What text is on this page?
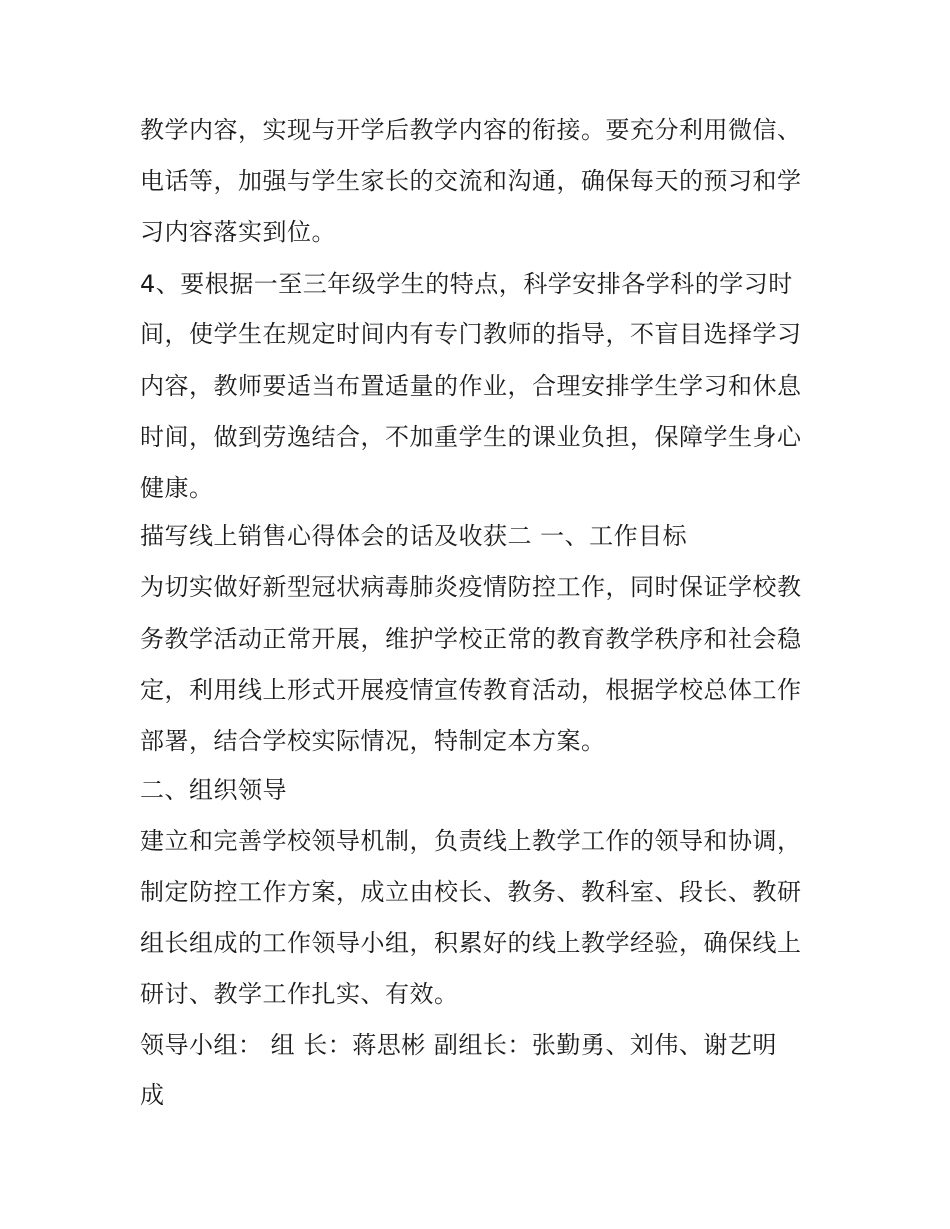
教学内容，实现与开学后教学内容的衔接。要充分利用微信、
电话等，加强与学生家长的交流和沟通，确保每天的预习和学
习内容落实到位。
4、要根据一至三年级学生的特点，科学安排各学科的学习时
间，使学生在规定时间内有专门教师的指导，不盲目选择学习
内容，教师要适当布置适量的作业，合理安排学生学习和休息
时间，做到劳逸结合，不加重学生的课业负担，保障学生身心
健康。
描写线上销售心得体会的话及收获二 一、工作目标
为切实做好新型冠状病毒肺炎疫情防控工作，同时保证学校教
务教学活动正常开展，维护学校正常的教育教学秩序和社会稳
定，利用线上形式开展疫情宣传教育活动，根据学校总体工作
部署，结合学校实际情况，特制定本方案。
二、组织领导
建立和完善学校领导机制，负责线上教学工作的领导和协调，
制定防控工作方案，成立由校长、教务、教科室、段长、教研
组长组成的工作领导小组，积累好的线上教学经验，确保线上
研讨、教学工作扎实、有效。
领导小组： 组 长：蒋思彬 副组长：张勤勇、刘伟、谢艺明
成
